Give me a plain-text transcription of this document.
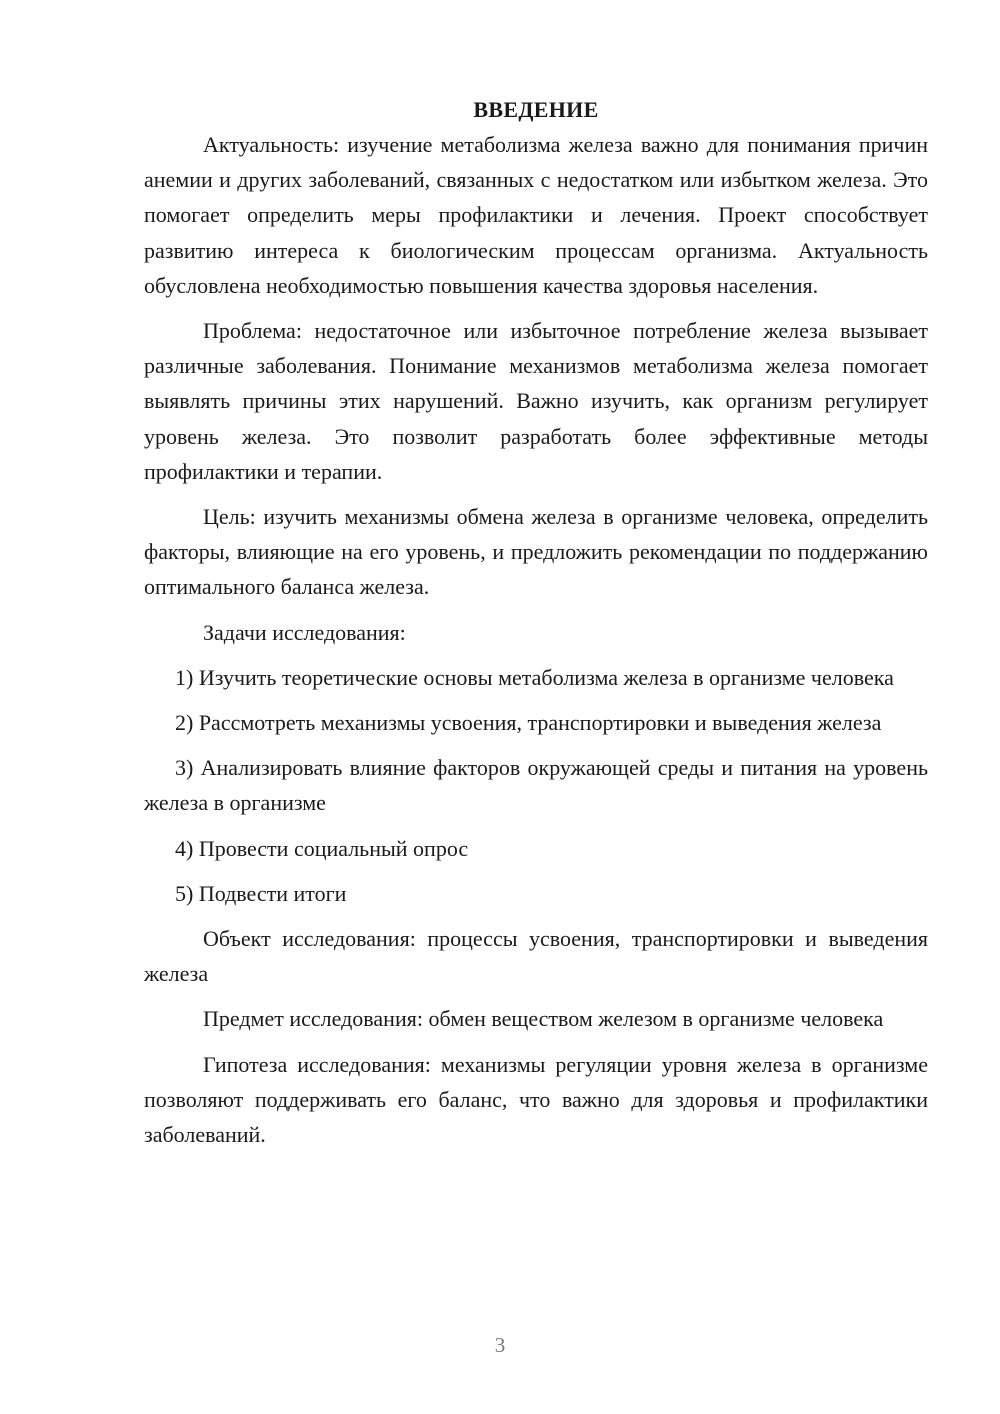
ВВЕДЕНИЕ

Актуальность: изучение метаболизма железа важно для понимания причин анемии и других заболеваний, связанных с недостатком или избытком железа. Это помогает определить меры профилактики и лечения. Проект способствует развитию интереса к биологическим процессам организма. Актуальность обусловлена необходимостью повышения качества здоровья населения.

Проблема: недостаточное или избыточное потребление железа вызывает различные заболевания. Понимание механизмов метаболизма железа помогает выявлять причины этих нарушений. Важно изучить, как организм регулирует уровень железа. Это позволит разработать более эффективные методы профилактики и терапии.

Цель: изучить механизмы обмена железа в организме человека, определить факторы, влияющие на его уровень, и предложить рекомендации по поддержанию оптимального баланса железа.

Задачи исследования:

1) Изучить теоретические основы метаболизма железа в организме человека

2) Рассмотреть механизмы усвоения, транспортировки и выведения железа

3) Анализировать влияние факторов окружающей среды и питания на уровень железа в организме

4) Провести социальный опрос

5) Подвести итоги

Объект исследования: процессы усвоения, транспортировки и выведения железа

Предмет исследования: обмен веществом железом в организме человека

Гипотеза исследования: механизмы регуляции уровня железа в организме позволяют поддерживать его баланс, что важно для здоровья и профилактики заболеваний.

3
